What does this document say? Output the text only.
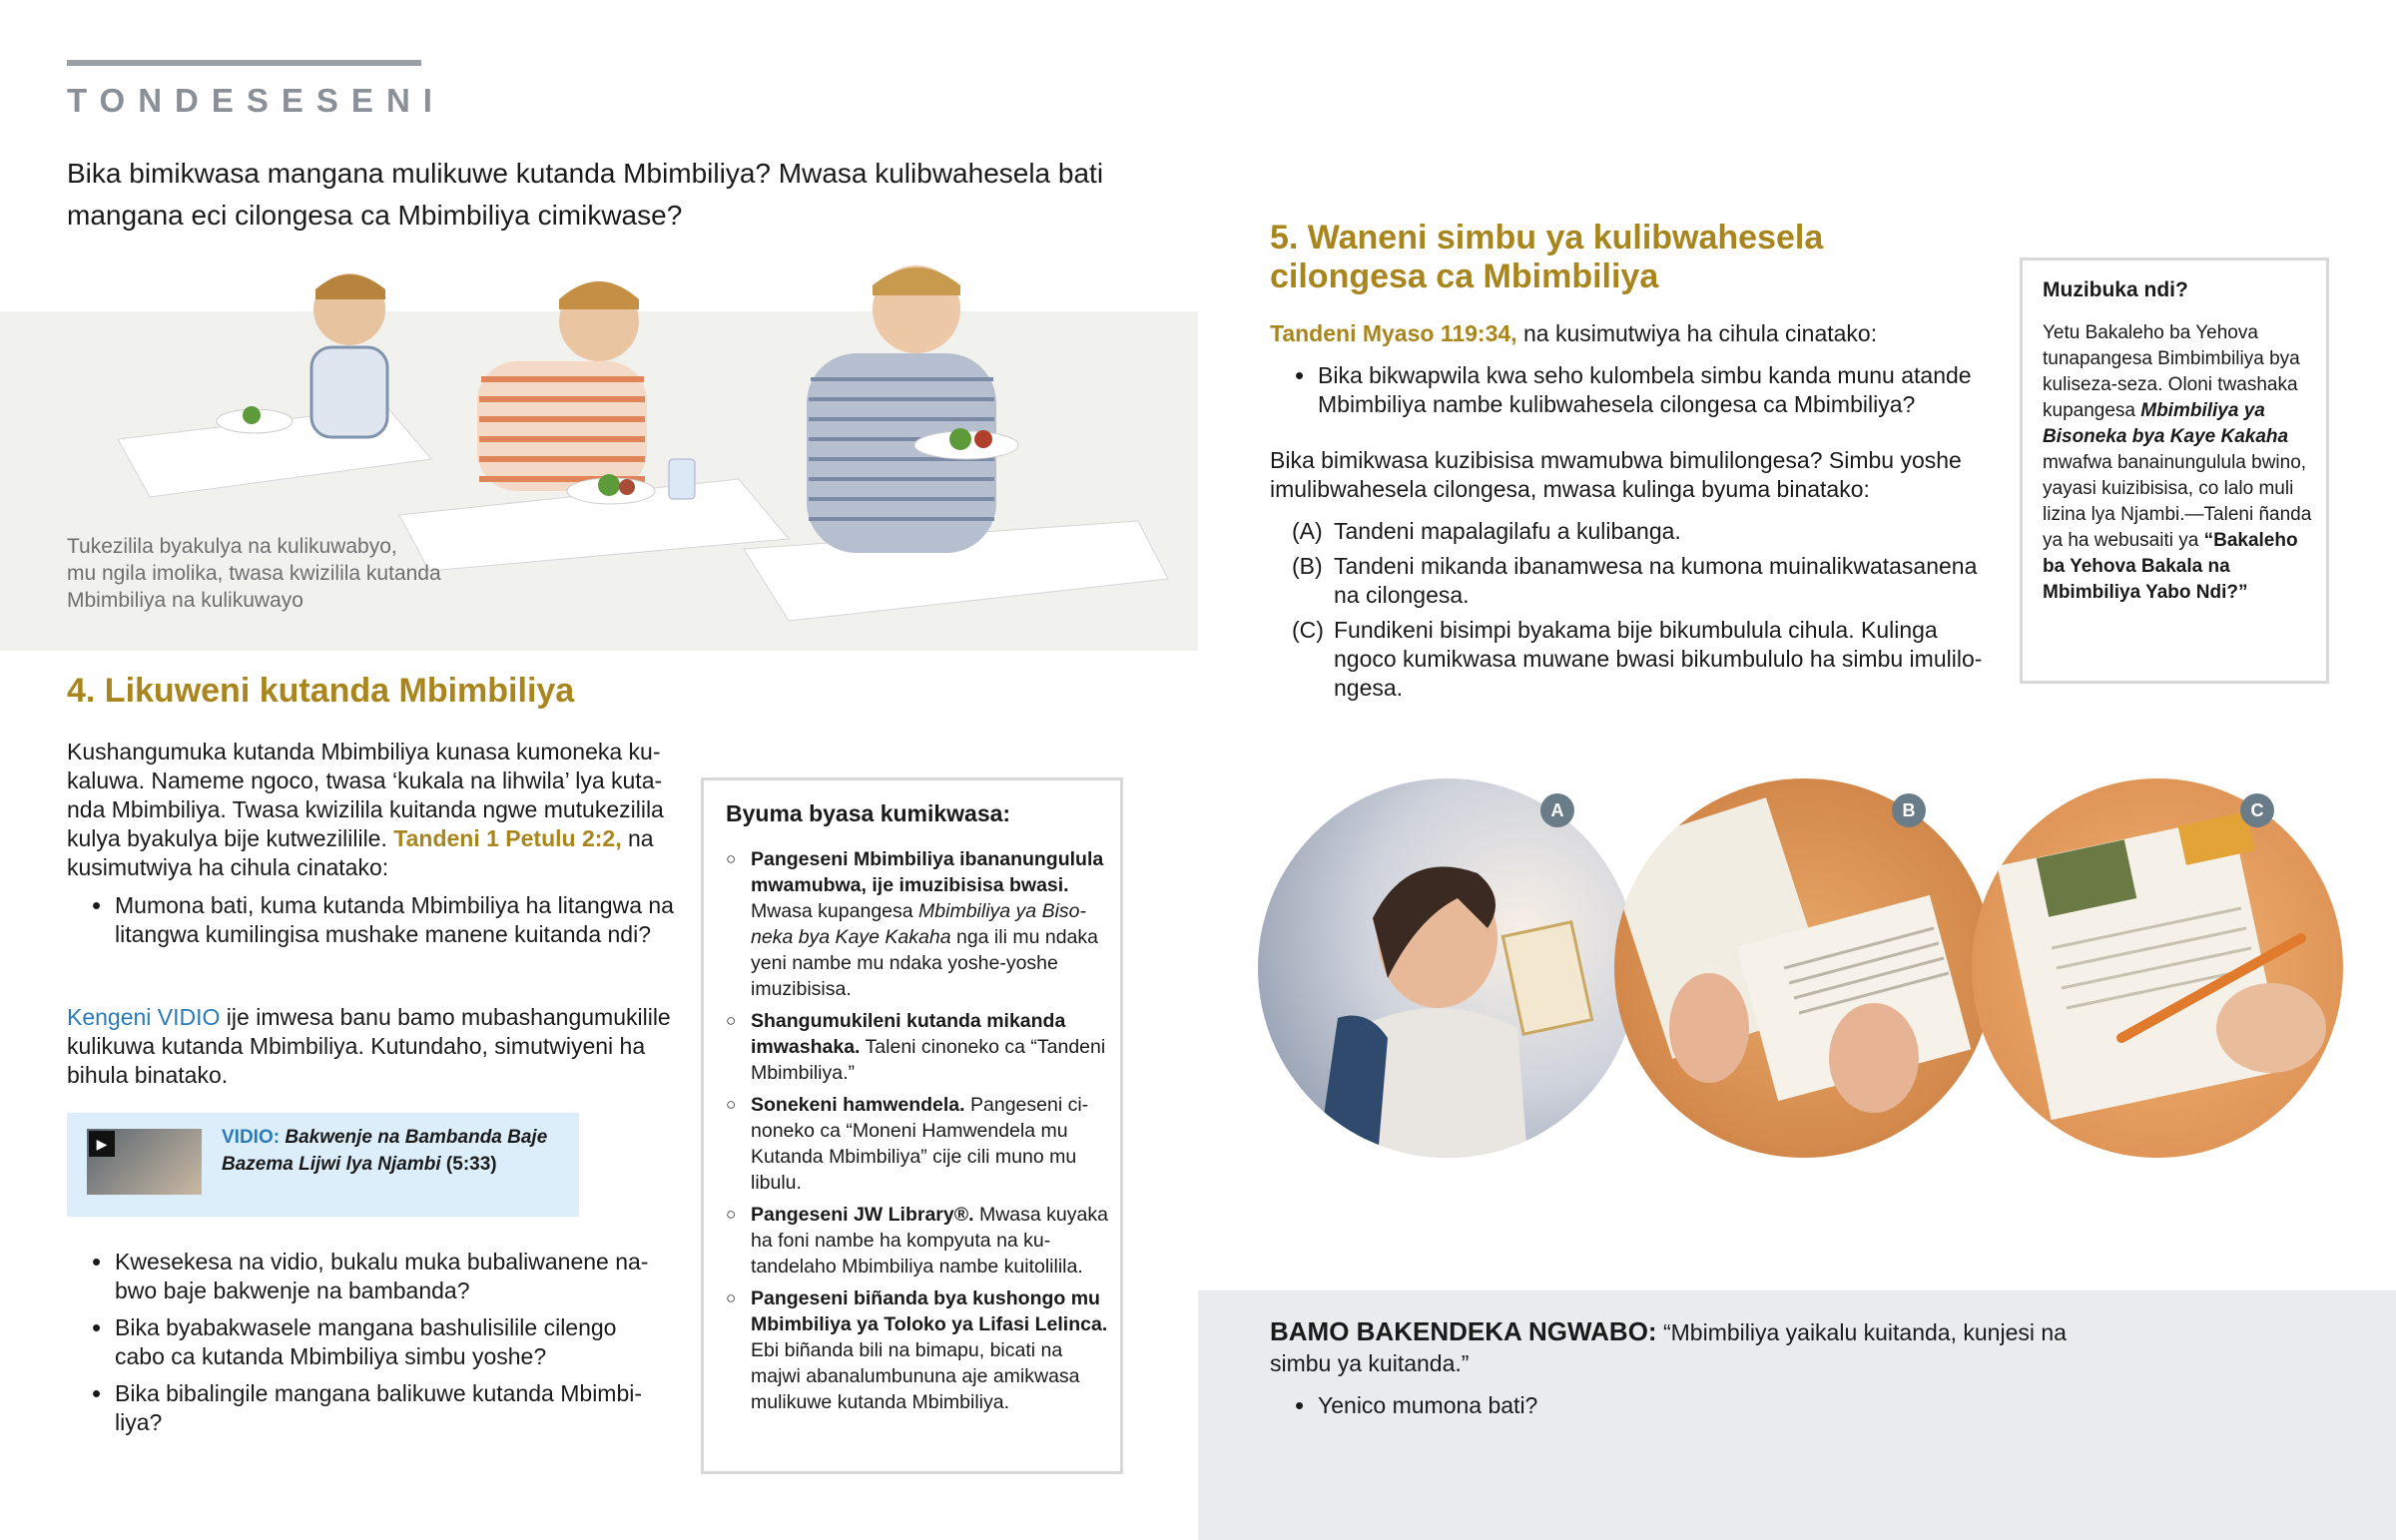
TONDESESENI
Bika bimikwasa mangana mulikuwe kutanda Mbimbiliya? Mwasa kulibwahesela bati mangana eci cilongesa ca Mbimbiliya cimikwase?
Tukezilila byakulya na kulikuwabyo,
mu ngila imolika, twasa kwizilila kutanda
Mbimbiliya na kulikuwayo
4. Likuweni kutanda Mbimbiliya
Kushangumuka kutanda Mbimbiliya kunasa kumoneka kukaluwa. Nameme ngoco, twasa ‘kukala na lihwila’ lya kutanda Mbimbiliya. Twasa kwizilila kuitanda ngwe mutukezilila kulya byakulya bije kutwezililile. Tandeni 1 Petulu 2:2, na kusimutwiya ha cihula cinatako:
• Mumona bati, kuma kutanda Mbimbiliya ha litangwa na litangwa kumilingisa mushake manene kuitanda ndi?
Kengeni VIDIO ije imwesa banu bamo mubashangumukilile kulikuwa kutanda Mbimbiliya. Kutundaho, simutwiyeni ha bihula binatako.
▶	VIDIO: Bakwenje na Bambanda Baje Bazema Lijwi lya Njambi (5:33)
• Kwesekesa na vidio, bukalu muka bubaliwanene nabwo baje bakwenje na bambanda?
• Bika byabakwasele mangana bashulisilile cilengo cabo ca kutanda Mbimbiliya simbu yoshe?
• Bika bibalingile mangana balikuwe kutanda Mbimbiliya?
Byuma byasa kumikwasa:
○ Pangeseni Mbimbiliya ibananungulula mwamubwa, ije imuzibisisa bwasi. Mwasa kupangesa Mbimbiliya ya Bisoneka bya Kaye Kakaha nga ili mu ndaka yeni nambe mu ndaka yoshe-yoshe imuzibisisa.
○ Shangumukileni kutanda mikanda imwashaka. Taleni cinoneko ca “Tandeni Mbimbiliya.”
○ Sonekeni hamwendela. Pangeseni cinoneko ca “Moneni Hamwendela mu Kutanda Mbimbiliya” cije cili muno mu libulu.
○ Pangeseni JW Library®. Mwasa kuyaka ha foni nambe ha kompyuta na kutandelaho Mbimbiliya nambe kuitolilila.
○ Pangeseni biñanda bya kushongo mu Mbimbiliya ya Toloko ya Lifasi Lelinca. Ebi biñanda bili na bimapu, bicati na majwi abanalumbununa aje amikwasa mulikuwe kutanda Mbimbiliya.
5. Waneni simbu ya kulibwahesela cilongesa ca Mbimbiliya
Tandeni Myaso 119:34, na kusimutwiya ha cihula cinatako:
• Bika bikwapwila kwa seho kulombela simbu kanda munu atande Mbimbiliya nambe kulibwahesela cilongesa ca Mbimbiliya?
Bika bimikwasa kuzibisisa mwamubwa bimulilongesa? Simbu yoshe imulibwahesela cilongesa, mwasa kulinga byuma binatako:
(A) Tandeni mapalagilafu a kulibanga.
(B) Tandeni mikanda ibanamwesa na kumona muinalikwatasanena na cilongesa.
(C) Fundikeni bisimpi byakama bije bikumbulula cihula. Kulinga ngoco kumikwasa muwane bwasi bikumbululo ha simbu imulilongesa.
Muzibuka ndi?
Yetu Bakaleho ba Yehova tunapangesa Bimbimbiliya bya kuliseza-seza. Oloni twashaka kupangesa Mbimbiliya ya Bisoneka bya Kaye Kakaha mwafwa banainungulula bwino, yayasi kuizibisisa, co lalo muli lizina lya Njambi.—Taleni ñanda ya ha webusaiti ya “Bakaleho ba Yehova Bakala na Mbimbiliya Yabo Ndi?”
A	B	C
BAMO BAKENDEKA NGWABO: “Mbimbiliya yaikalu kuitanda, kunjesi na simbu ya kuitanda.”
• Yenico mumona bati?
